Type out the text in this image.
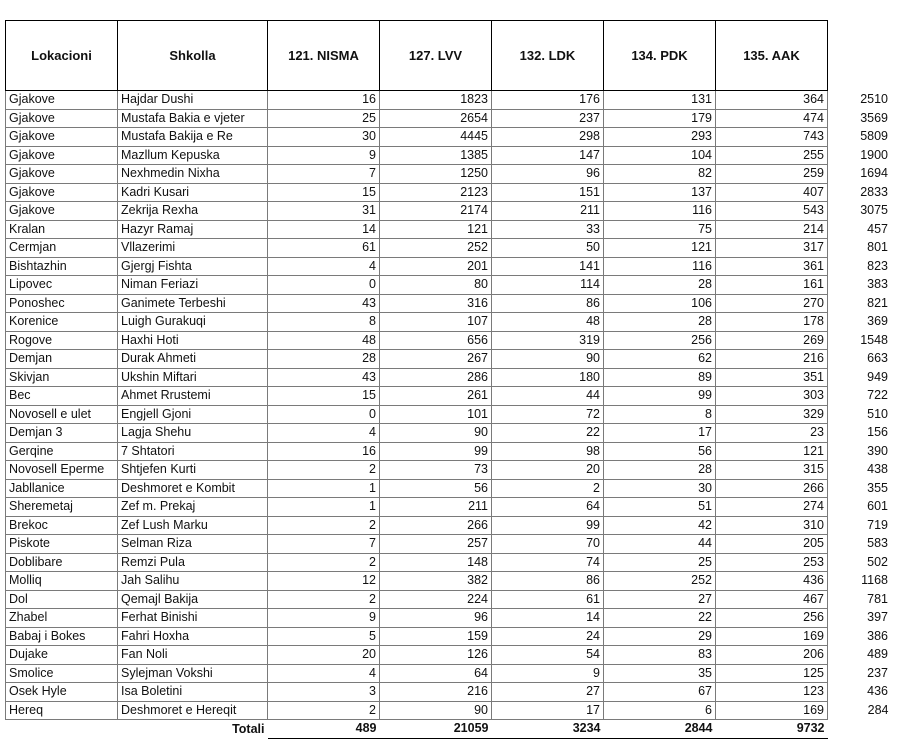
Lokacioni	Shkolla	121. NISMA	127. LVV	132. LDK	134. PDK	135. AAK	
Gjakove	Hajdar Dushi	16	1823	176	131	364	2510
Gjakove	Mustafa Bakia e vjeter	25	2654	237	179	474	3569
Gjakove	Mustafa Bakija e Re	30	4445	298	293	743	5809
Gjakove	Mazllum Kepuska	9	1385	147	104	255	1900
Gjakove	Nexhmedin Nixha	7	1250	96	82	259	1694
Gjakove	Kadri Kusari	15	2123	151	137	407	2833
Gjakove	Zekrija Rexha	31	2174	211	116	543	3075
Kralan	Hazyr Ramaj	14	121	33	75	214	457
Cermjan	Vllazerimi	61	252	50	121	317	801
Bishtazhin	Gjergj Fishta	4	201	141	116	361	823
Lipovec	Niman Feriazi	0	80	114	28	161	383
Ponoshec	Ganimete Terbeshi	43	316	86	106	270	821
Korenice	Luigh Gurakuqi	8	107	48	28	178	369
Rogove	Haxhi Hoti	48	656	319	256	269	1548
Demjan	Durak Ahmeti	28	267	90	62	216	663
Skivjan	Ukshin Miftari	43	286	180	89	351	949
Bec	Ahmet Rrustemi	15	261	44	99	303	722
Novosell e ulet	Engjell Gjoni	0	101	72	8	329	510
Demjan 3	Lagja Shehu	4	90	22	17	23	156
Gerqine	7 Shtatori	16	99	98	56	121	390
Novosell Eperme	Shtjefen Kurti	2	73	20	28	315	438
Jabllanice	Deshmoret e Kombit	1	56	2	30	266	355
Sheremetaj	Zef m. Prekaj	1	211	64	51	274	601
Brekoc	Zef Lush Marku	2	266	99	42	310	719
Piskote	Selman Riza	7	257	70	44	205	583
Doblibare	Remzi Pula	2	148	74	25	253	502
Molliq	Jah Salihu	12	382	86	252	436	1168
Dol	Qemajl Bakija	2	224	61	27	467	781
Zhabel	Ferhat Binishi	9	96	14	22	256	397
Babaj i Bokes	Fahri Hoxha	5	159	24	29	169	386
Dujake	Fan Noli	20	126	54	83	206	489
Smolice	Sylejman Vokshi	4	64	9	35	125	237
Osek Hyle	Isa Boletini	3	216	27	67	123	436
Hereq	Deshmoret e Hereqit	2	90	17	6	169	284
	Totali	489	21059	3234	2844	9732	
